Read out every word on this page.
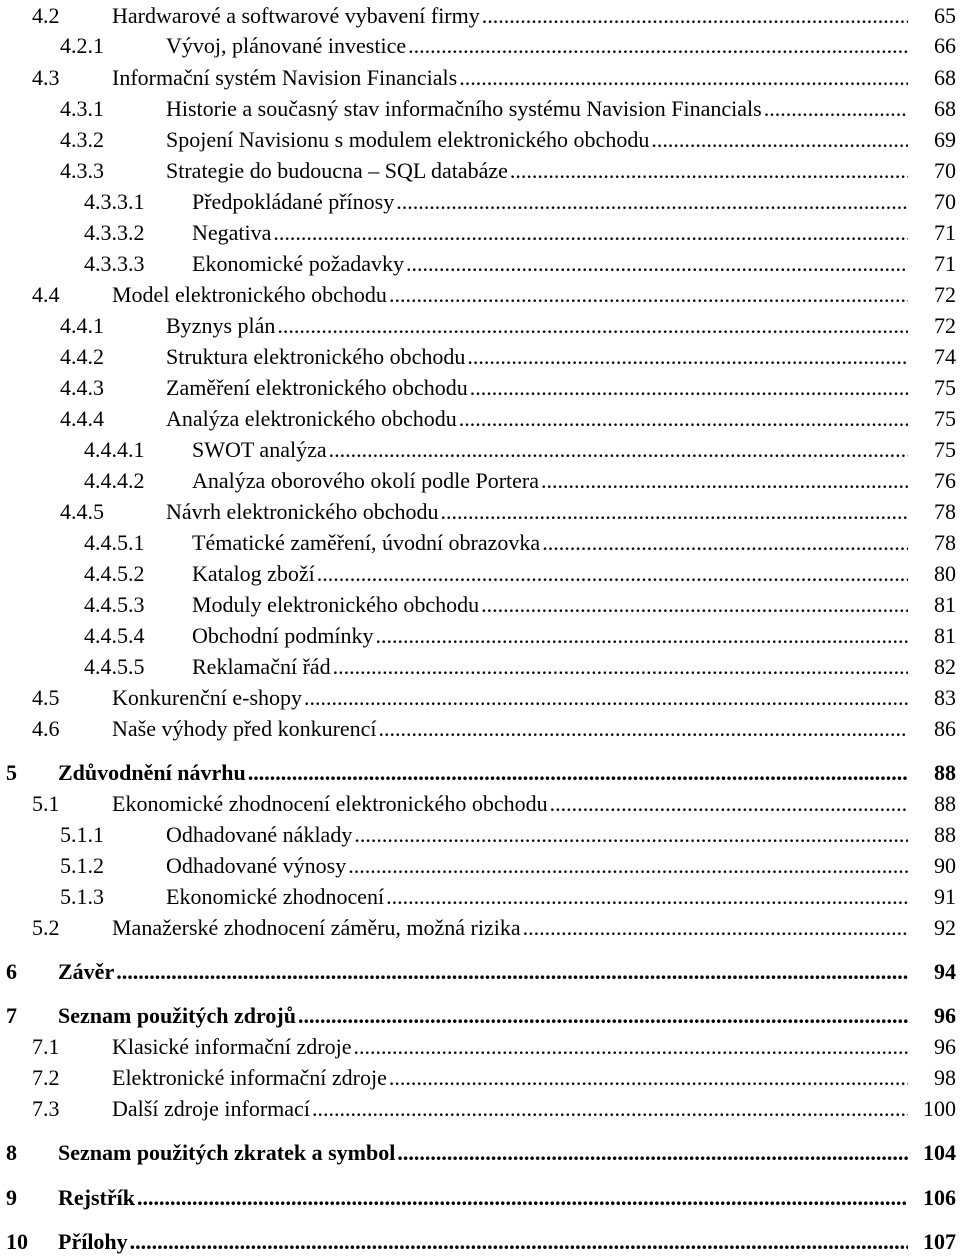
4.2 Hardwarové a softwarové vybavení firmy .....	65
4.2.1	Vývoj, plánované investice .....	66
4.3 Informační systém Navision Financials .....	68
4.3.1	Historie a současný stav informačního systému Navision Financials .....	68
4.3.2	Spojení Navisionu s modulem elektronického obchodu .....	69
4.3.3	Strategie do budoucna – SQL databáze .....	70
4.3.3.1 Předpokládané přínosy .....	70
4.3.3.2 Negativa .....	71
4.3.3.3 Ekonomické požadavky .....	71
4.4 Model elektronického obchodu .....	72
4.4.1	Byznys plán .....	72
4.4.2	Struktura elektronického obchodu .....	74
4.4.3	Zaměření elektronického obchodu .....	75
4.4.4	Analýza elektronického obchodu .....	75
4.4.4.1 SWOT analýza .....	75
4.4.4.2 Analýza oborového okolí podle Portera .....	76
4.4.5	Návrh elektronického obchodu .....	78
4.4.5.1 Tématické zaměření, úvodní obrazovka .....	78
4.4.5.2 Katalog zboží .....	80
4.4.5.3 Moduly elektronického obchodu .....	81
4.4.5.4 Obchodní podmínky .....	81
4.4.5.5 Reklamační řád .....	82
4.5 Konkurenční e-shopy .....	83
4.6 Naše výhody před konkurencí .....	86
5 Zdůvodnění návrhu .....	88
5.1 Ekonomické zhodnocení elektronického obchodu .....	88
5.1.1	Odhadované náklady .....	88
5.1.2	Odhadované výnosy .....	90
5.1.3	Ekonomické zhodnocení .....	91
5.2 Manažerské zhodnocení záměru, možná rizika .....	92
6 Závěr .....	94
7 Seznam použitých zdrojů .....	96
7.1 Klasické informační zdroje .....	96
7.2 Elektronické informační zdroje .....	98
7.3 Další zdroje informací .....	100
8 Seznam použitých zkratek a symbol .....	104
9 Rejstřík .....	106
10 Přílohy .....	107
